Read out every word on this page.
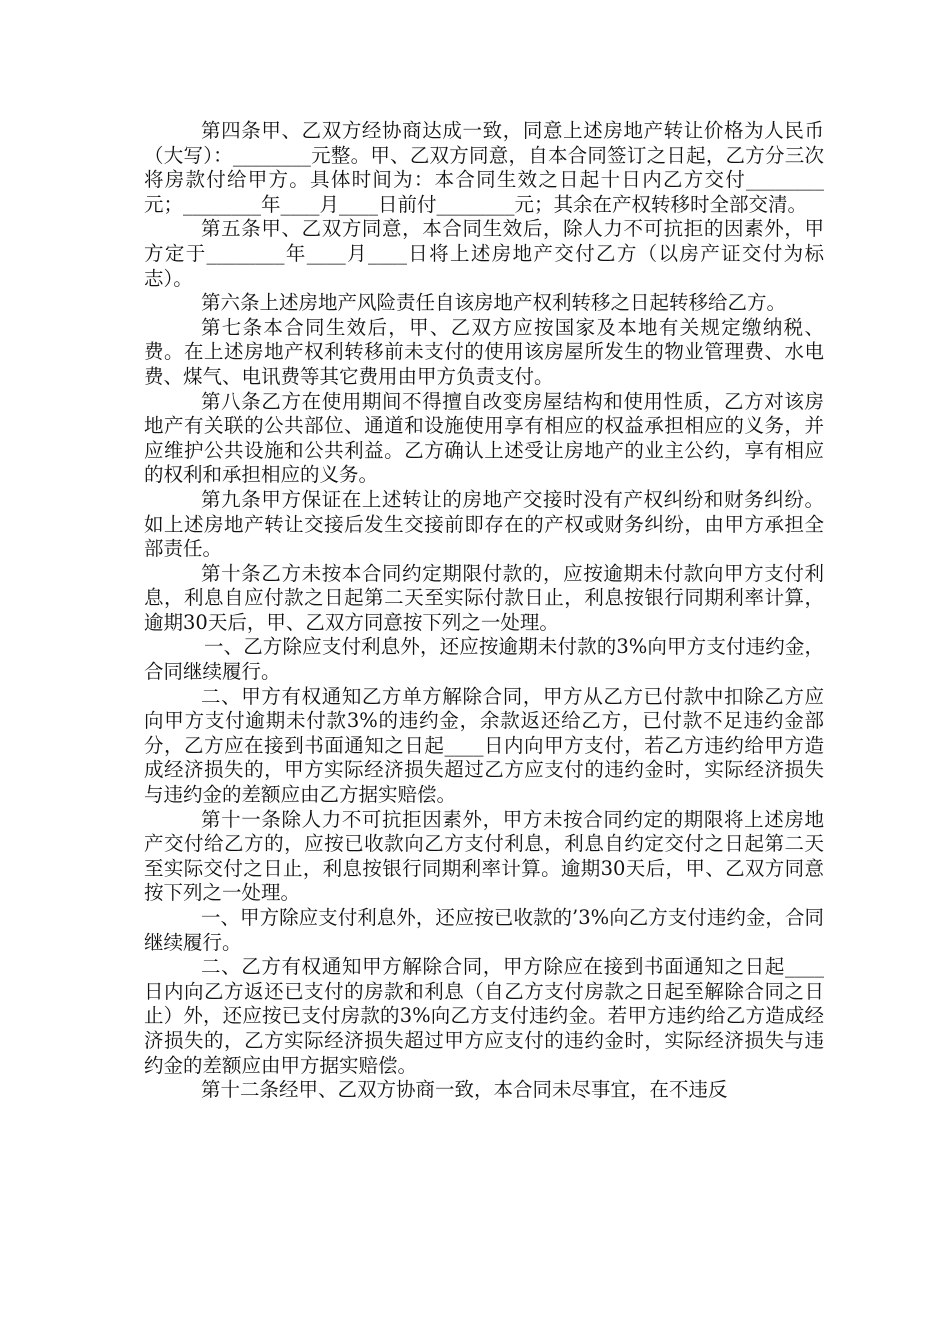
第四条甲、乙双方经协商达成一致，同意上述房地产转让价格为人民币（大写）：________元整。甲、乙双方同意，自本合同签订之日起，乙方分三次将房款付给甲方。具体时间为：本合同生效之日起十日内乙方交付________元；________年____月____日前付________元；其余在产权转移时全部交清。

第五条甲、乙双方同意，本合同生效后，除人力不可抗拒的因素外，甲方定于________年____月____日将上述房地产交付乙方（以房产证交付为标志）。

第六条上述房地产风险责任自该房地产权利转移之日起转移给乙方。

第七条本合同生效后，甲、乙双方应按国家及本地有关规定缴纳税、费。在上述房地产权利转移前未支付的使用该房屋所发生的物业管理费、水电费、煤气、电讯费等其它费用由甲方负责支付。

第八条乙方在使用期间不得擅自改变房屋结构和使用性质，乙方对该房地产有关联的公共部位、通道和设施使用享有相应的权益承担相应的义务，并应维护公共设施和公共利益。乙方确认上述受让房地产的业主公约，享有相应的权利和承担相应的义务。

第九条甲方保证在上述转让的房地产交接时没有产权纠纷和财务纠纷。如上述房地产转让交接后发生交接前即存在的产权或财务纠纷，由甲方承担全部责任。

第十条乙方未按本合同约定期限付款的，应按逾期未付款向甲方支付利息，利息自应付款之日起第二天至实际付款日止，利息按银行同期利率计算，逾期30天后，甲、乙双方同意按下列之一处理。

一、乙方除应支付利息外，还应按逾期未付款的3%向甲方支付违约金，合同继续履行。

二、甲方有权通知乙方单方解除合同，甲方从乙方已付款中扣除乙方应向甲方支付逾期未付款3%的违约金，余款返还给乙方，已付款不足违约金部分，乙方应在接到书面通知之日起____日内向甲方支付，若乙方违约给甲方造成经济损失的，甲方实际经济损失超过乙方应支付的违约金时，实际经济损失与违约金的差额应由乙方据实赔偿。

第十一条除人力不可抗拒因素外，甲方未按合同约定的期限将上述房地产交付给乙方的，应按已收款向乙方支付利息，利息自约定交付之日起第二天至实际交付之日止，利息按银行同期利率计算。逾期30天后，甲、乙双方同意按下列之一处理。

一、甲方除应支付利息外，还应按已收款的’3%向乙方支付违约金，合同继续履行。

二、乙方有权通知甲方解除合同，甲方除应在接到书面通知之日起____日内向乙方返还已支付的房款和利息（自乙方支付房款之日起至解除合同之日止）外，还应按已支付房款的3%向乙方支付违约金。若甲方违约给乙方造成经济损失的，乙方实际经济损失超过甲方应支付的违约金时，实际经济损失与违约金的差额应由甲方据实赔偿。

第十二条经甲、乙双方协商一致，本合同未尽事宜，在不违反
